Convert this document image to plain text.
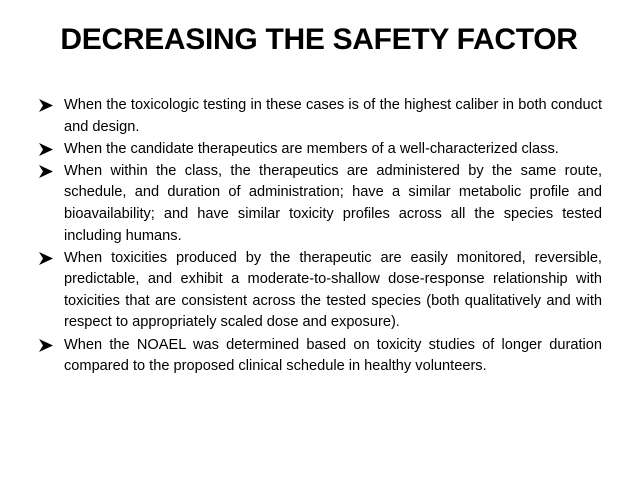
DECREASING THE SAFETY FACTOR
When the toxicologic testing in these cases is of the highest caliber in both conduct and design.
When the candidate therapeutics are members of a well-characterized class.
When within the class, the therapeutics are administered by the same route, schedule, and duration of administration; have a similar metabolic profile and bioavailability; and have similar toxicity profiles across all the species tested including humans.
When toxicities produced by the therapeutic are easily monitored, reversible, predictable, and exhibit a moderate-to-shallow dose-response relationship with toxicities that are consistent across the tested species (both qualitatively and with respect to appropriately scaled dose and exposure).
When the NOAEL was determined based on toxicity studies of longer duration compared to the proposed clinical schedule in healthy volunteers.
